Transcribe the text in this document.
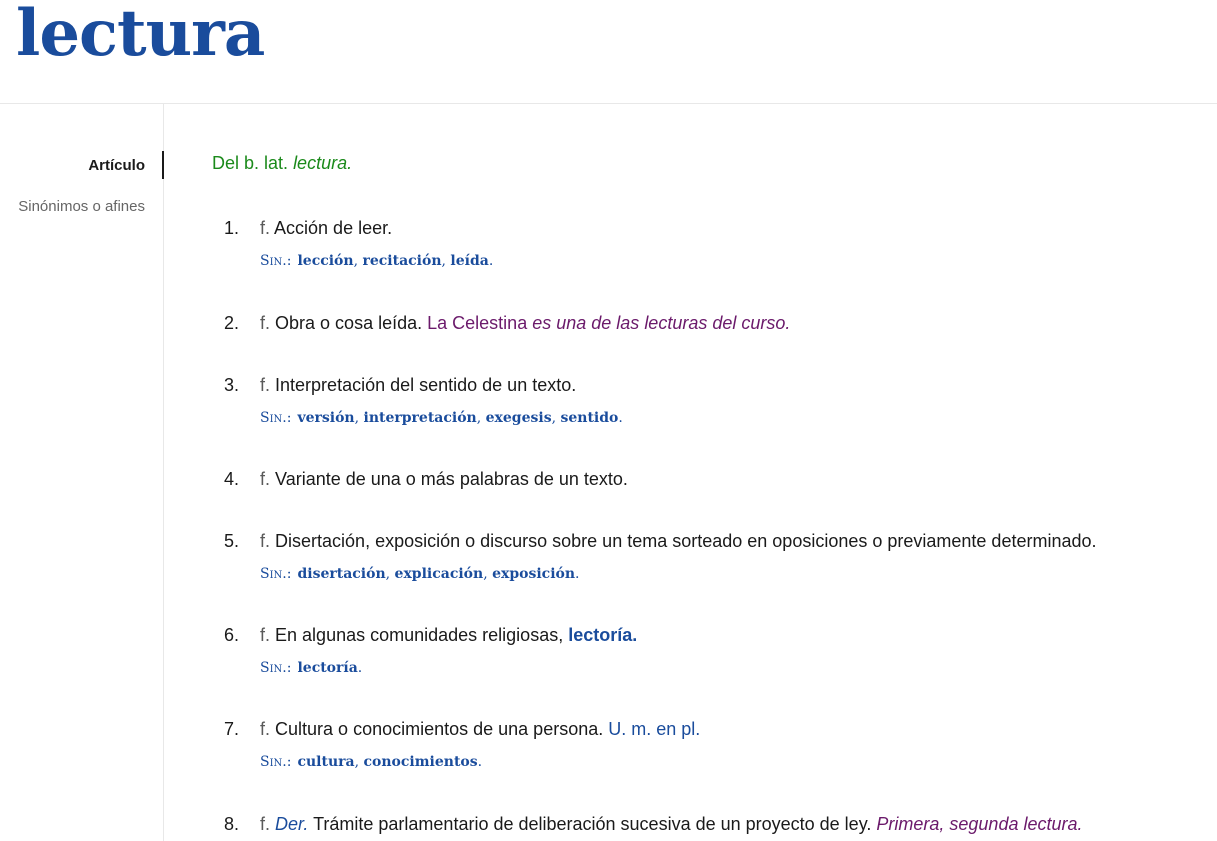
lectura
Artículo
Sinónimos o afines
Del b. lat. lectura.
1. f. Acción de leer.
Sin.: lección, recitación, leída.
2. f. Obra o cosa leída. La Celestina es una de las lecturas del curso.
3. f. Interpretación del sentido de un texto.
Sin.: versión, interpretación, exegesis, sentido.
4. f. Variante de una o más palabras de un texto.
5. f. Disertación, exposición o discurso sobre un tema sorteado en oposiciones o previamente determinado.
Sin.: disertación, explicación, exposición.
6. f. En algunas comunidades religiosas, lectoría.
Sin.: lectoría.
7. f. Cultura o conocimientos de una persona. U. m. en pl.
Sin.: cultura, conocimientos.
8. f. Der. Trámite parlamentario de deliberación sucesiva de un proyecto de ley. Primera, segunda lectura.
